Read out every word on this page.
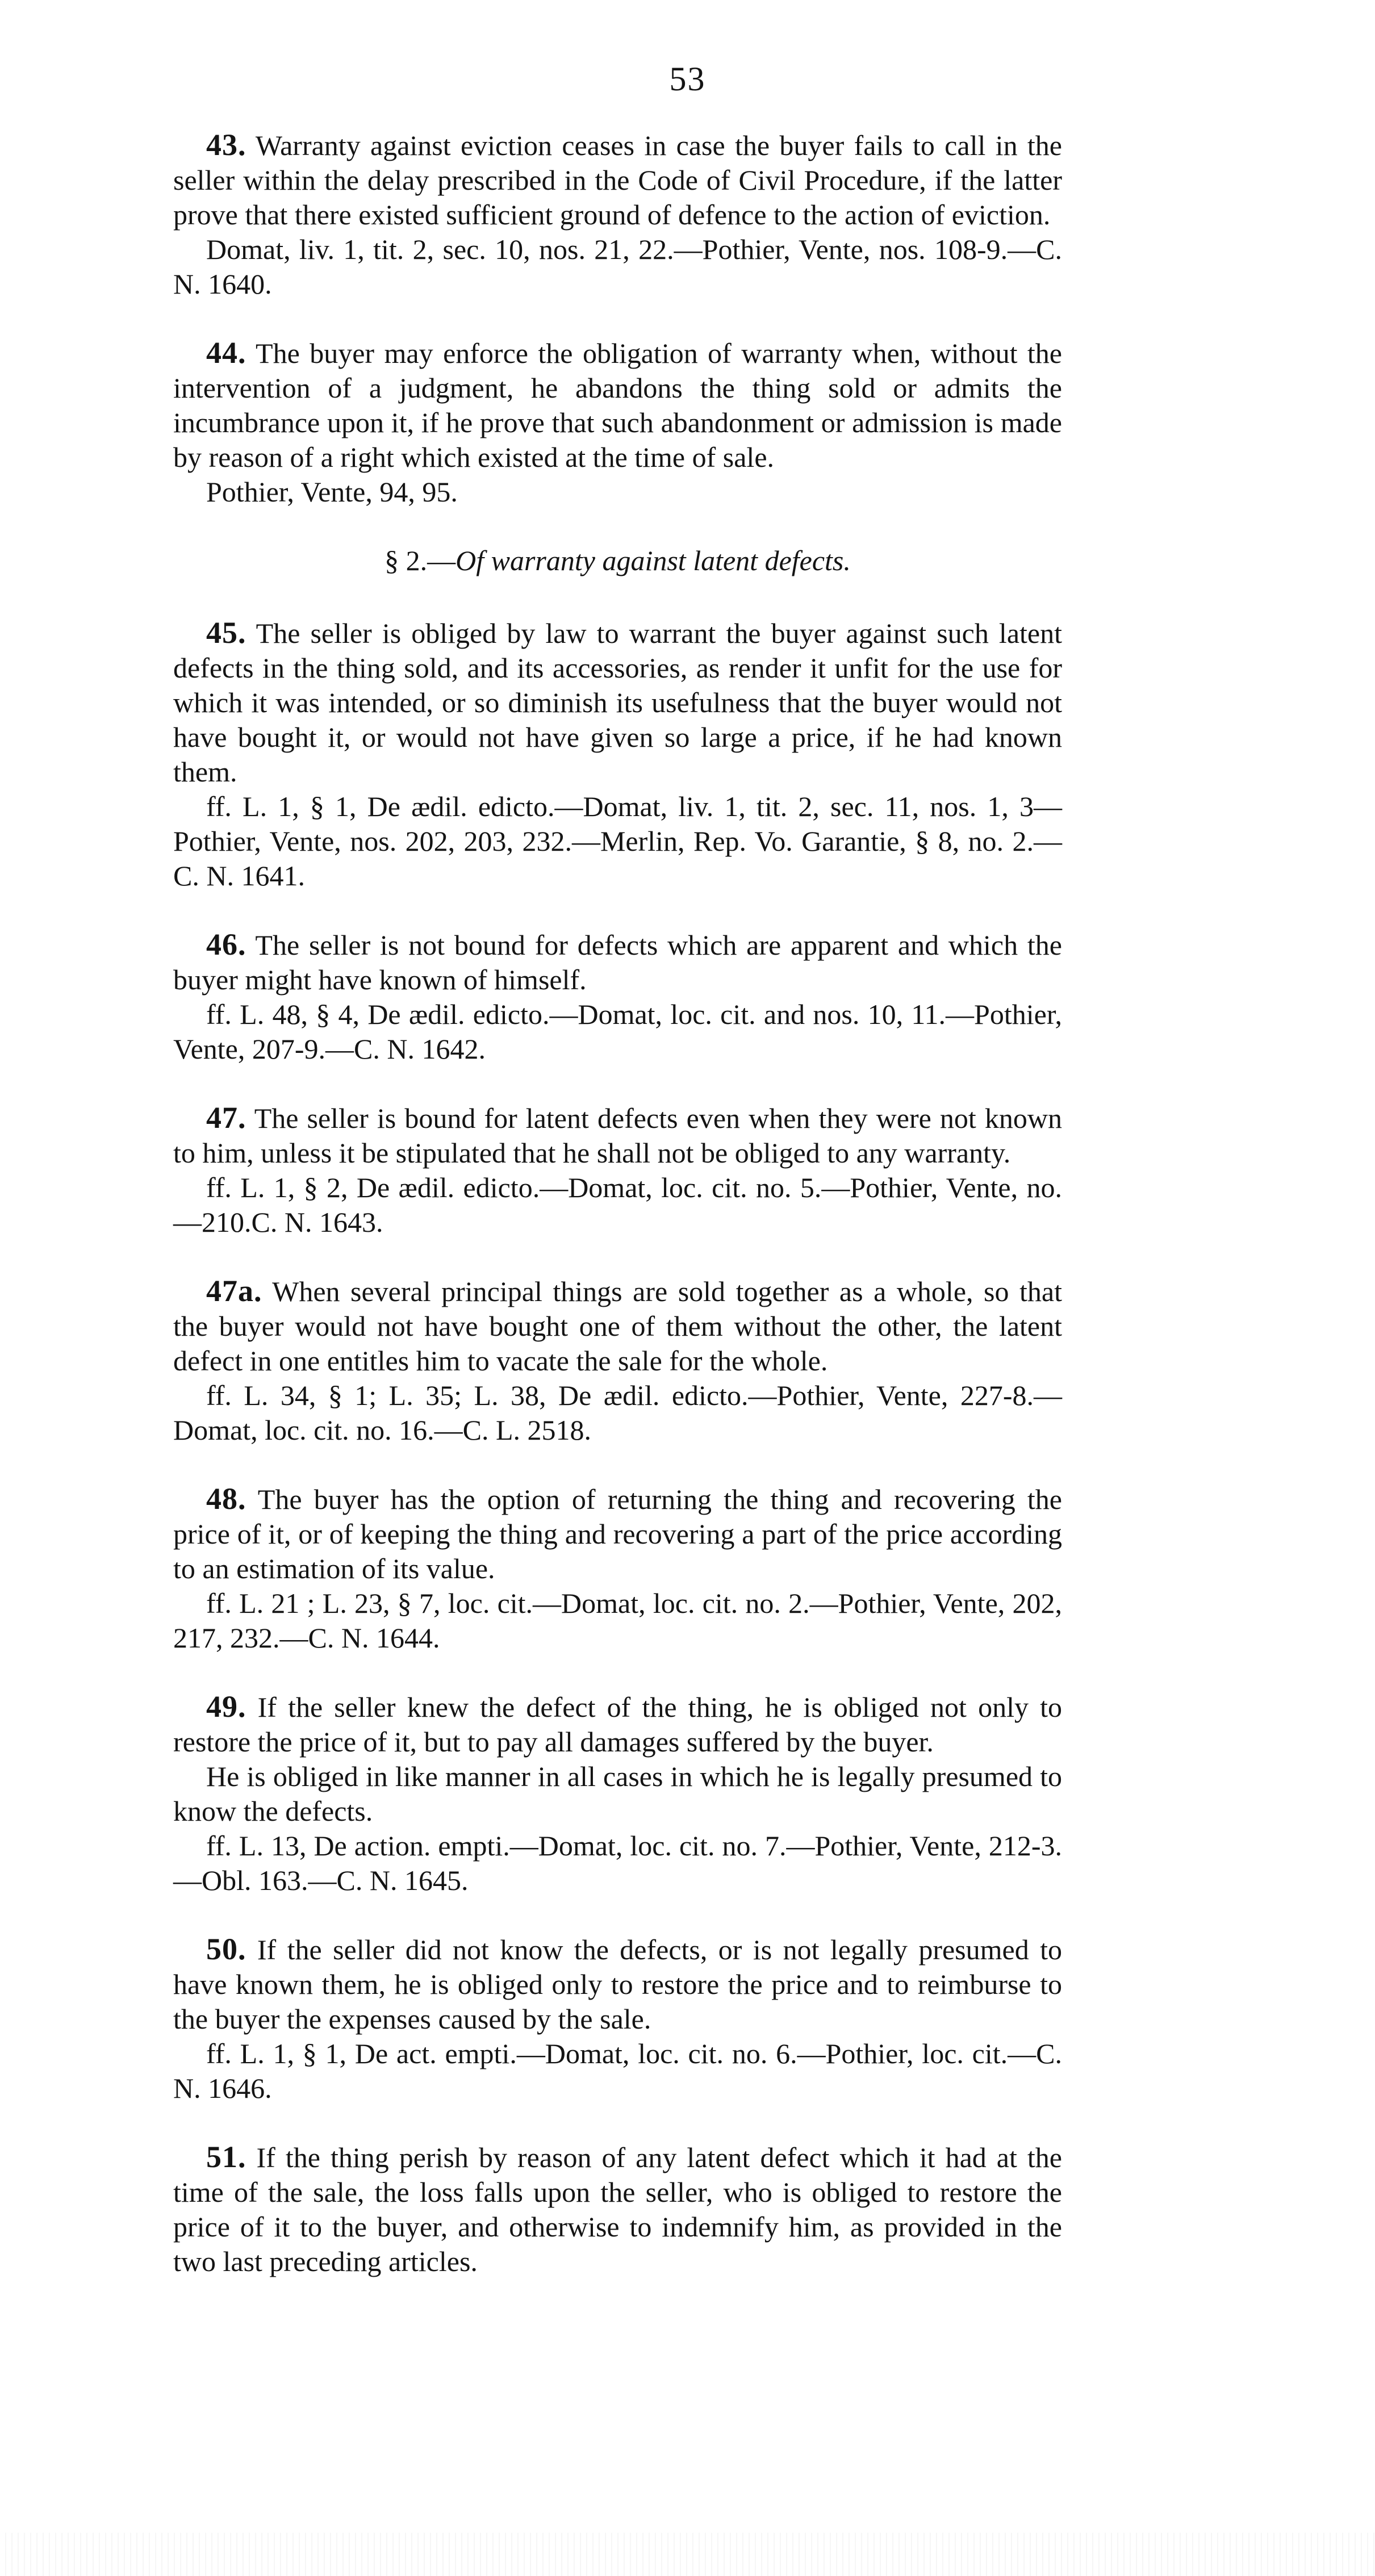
53

43. Warranty against eviction ceases in case the buyer fails to call in the seller within the delay prescribed in the Code of Civil Procedure, if the latter prove that there existed sufficient ground of defence to the action of eviction.

Domat, liv. 1, tit. 2, sec. 10, nos. 21, 22.—Pothier, Vente, nos. 108-9.—C. N. 1640.

44. The buyer may enforce the obligation of warranty when, without the intervention of a judgment, he abandons the thing sold or admits the incumbrance upon it, if he prove that such abandonment or admission is made by reason of a right which existed at the time of sale.

Pothier, Vente, 94, 95.

§ 2.—Of warranty against latent defects.

45. The seller is obliged by law to warrant the buyer against such latent defects in the thing sold, and its accessories, as render it unfit for the use for which it was intended, or so diminish its usefulness that the buyer would not have bought it, or would not have given so large a price, if he had known them.

ff. L. 1, § 1, De ædil. edicto.—Domat, liv. 1, tit. 2, sec. 11, nos. 1, 3—Pothier, Vente, nos. 202, 203, 232.—Merlin, Rep. Vo. Garantie, § 8, no. 2.—C. N. 1641.

46. The seller is not bound for defects which are apparent and which the buyer might have known of himself.

ff. L. 48, § 4, De ædil. edicto.—Domat, loc. cit. and nos. 10, 11.—Pothier, Vente, 207-9.—C. N. 1642.

47. The seller is bound for latent defects even when they were not known to him, unless it be stipulated that he shall not be obliged to any warranty.

ff. L. 1, § 2, De ædil. edicto.—Domat, loc. cit. no. 5.—Pothier, Vente, no. —210.C. N. 1643.

47a. When several principal things are sold together as a whole, so that the buyer would not have bought one of them without the other, the latent defect in one entitles him to vacate the sale for the whole.

ff. L. 34, § 1; L. 35; L. 38, De ædil. edicto.—Pothier, Vente, 227-8.—Domat, loc. cit. no. 16.—C. L. 2518.

48. The buyer has the option of returning the thing and recovering the price of it, or of keeping the thing and recovering a part of the price according to an estimation of its value.

ff. L. 21 ; L. 23, § 7, loc. cit.—Domat, loc. cit. no. 2.—Pothier, Vente, 202, 217, 232.—C. N. 1644.

49. If the seller knew the defect of the thing, he is obliged not only to restore the price of it, but to pay all damages suffered by the buyer.

He is obliged in like manner in all cases in which he is legally presumed to know the defects.

ff. L. 13, De action. empti.—Domat, loc. cit. no. 7.—Pothier, Vente, 212-3.—Obl. 163.—C. N. 1645.

50. If the seller did not know the defects, or is not legally presumed to have known them, he is obliged only to restore the price and to reimburse to the buyer the expenses caused by the sale.

ff. L. 1, § 1, De act. empti.—Domat, loc. cit. no. 6.—Pothier, loc. cit.—C. N. 1646.

51. If the thing perish by reason of any latent defect which it had at the time of the sale, the loss falls upon the seller, who is obliged to restore the price of it to the buyer, and otherwise to indemnify him, as provided in the two last preceding articles.
